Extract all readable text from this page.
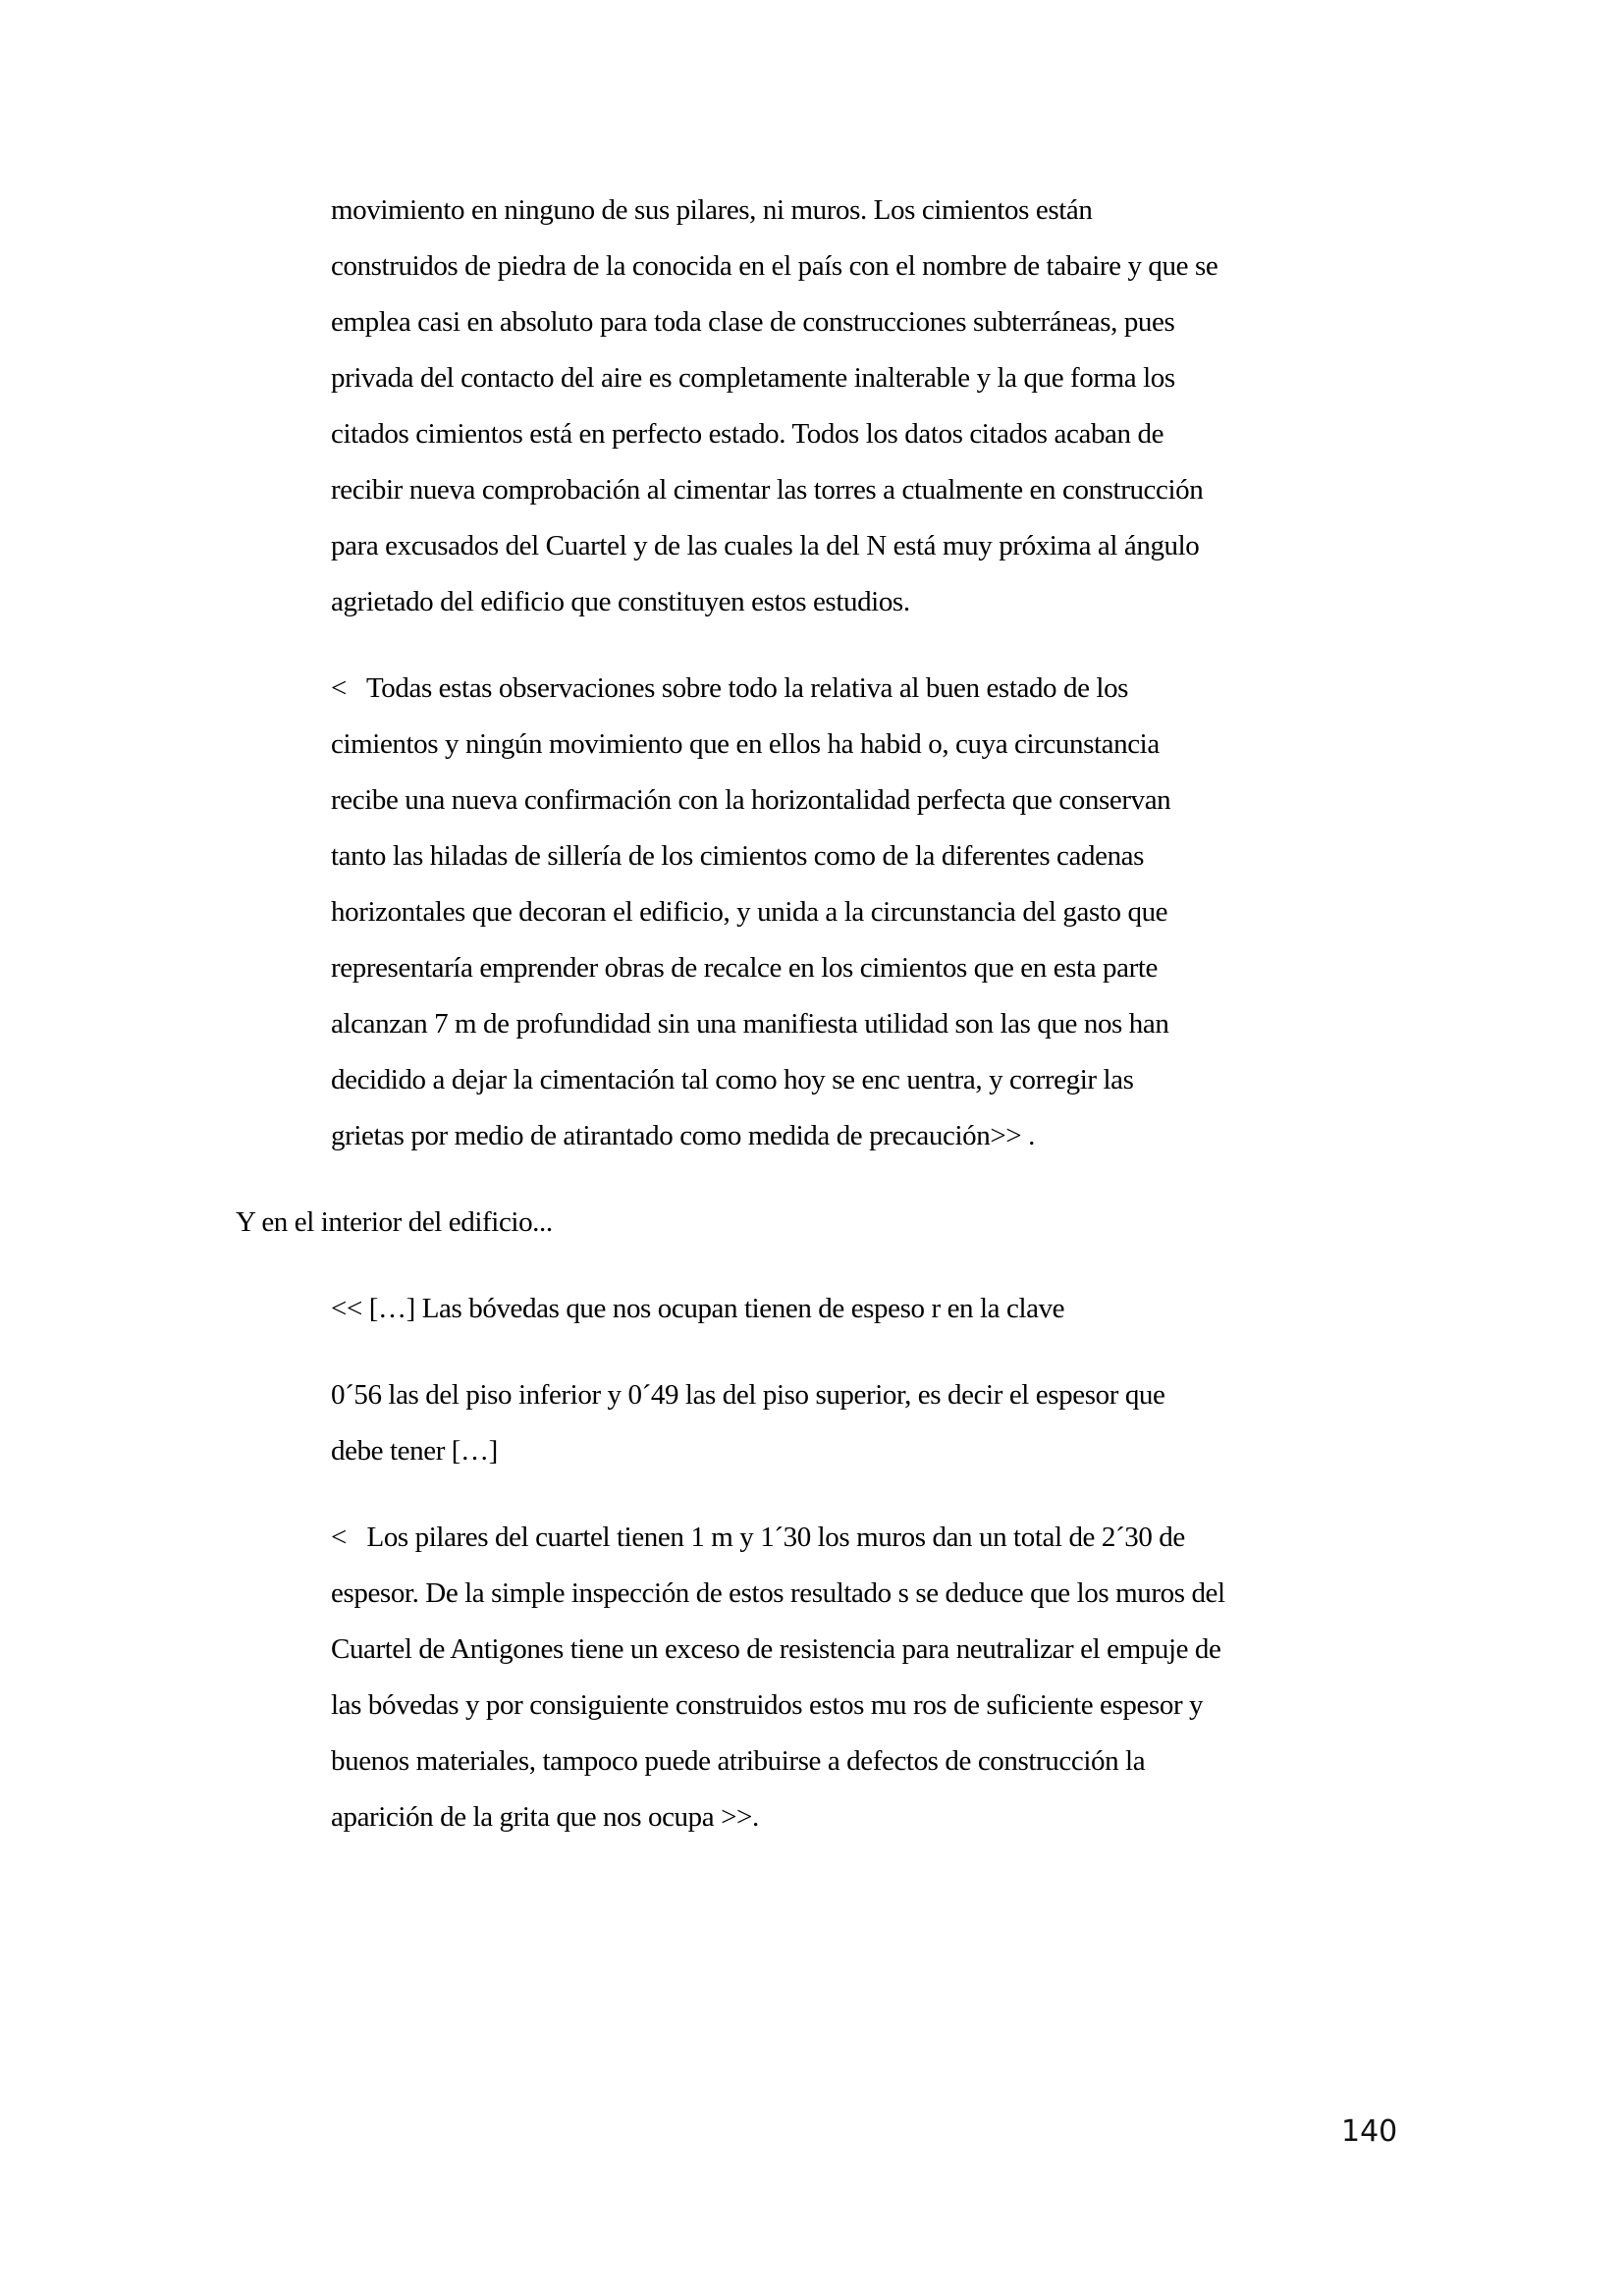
movimiento en ninguno de sus pilares, ni muros. Los cimientos están
construidos de piedra de la conocida en el país con el nombre de tabaire y que se
emplea casi en absoluto para toda clase de construcciones subterráneas, pues
privada del contacto del aire es completamente inalterable y la que forma los
citados cimientos está en perfecto estado. Todos los datos citados acaban de
recibir nueva comprobación al cimentar las torres a ctualmente en construcción
para excusados del Cuartel y de las cuales la del N está muy próxima al ángulo
agrietado del edificio que constituyen estos estudios.
<   Todas estas observaciones sobre todo la relativa al buen estado de los
cimientos y ningún movimiento que en ellos ha habid o, cuya circunstancia
recibe una nueva confirmación con la horizontalidad perfecta que conservan
tanto las hiladas de sillería de los cimientos como de la diferentes cadenas
horizontales que decoran el edificio, y unida a la circunstancia del gasto que
representaría emprender obras de recalce en los cimientos que en esta parte
alcanzan 7 m de profundidad sin una manifiesta utilidad son las que nos han
decidido a dejar la cimentación tal como hoy se enc uentra, y corregir las
grietas por medio de atirantado como medida de precaución>> .
Y en el interior del edificio...
<< […] Las bóvedas que nos ocupan tienen de espeso r en la clave
0´56 las del piso inferior y 0´49 las del piso superior, es decir el espesor que
debe tener […]
<   Los pilares del cuartel tienen 1 m y 1´30 los muros dan un total de 2´30 de
espesor. De la simple inspección de estos resultado s se deduce que los muros del
Cuartel de Antigones tiene un exceso de resistencia para neutralizar el empuje de
las bóvedas y por consiguiente construidos estos mu ros de suficiente espesor y
buenos materiales, tampoco puede atribuirse a defectos de construcción la
aparición de la grita que nos ocupa >>.
140
